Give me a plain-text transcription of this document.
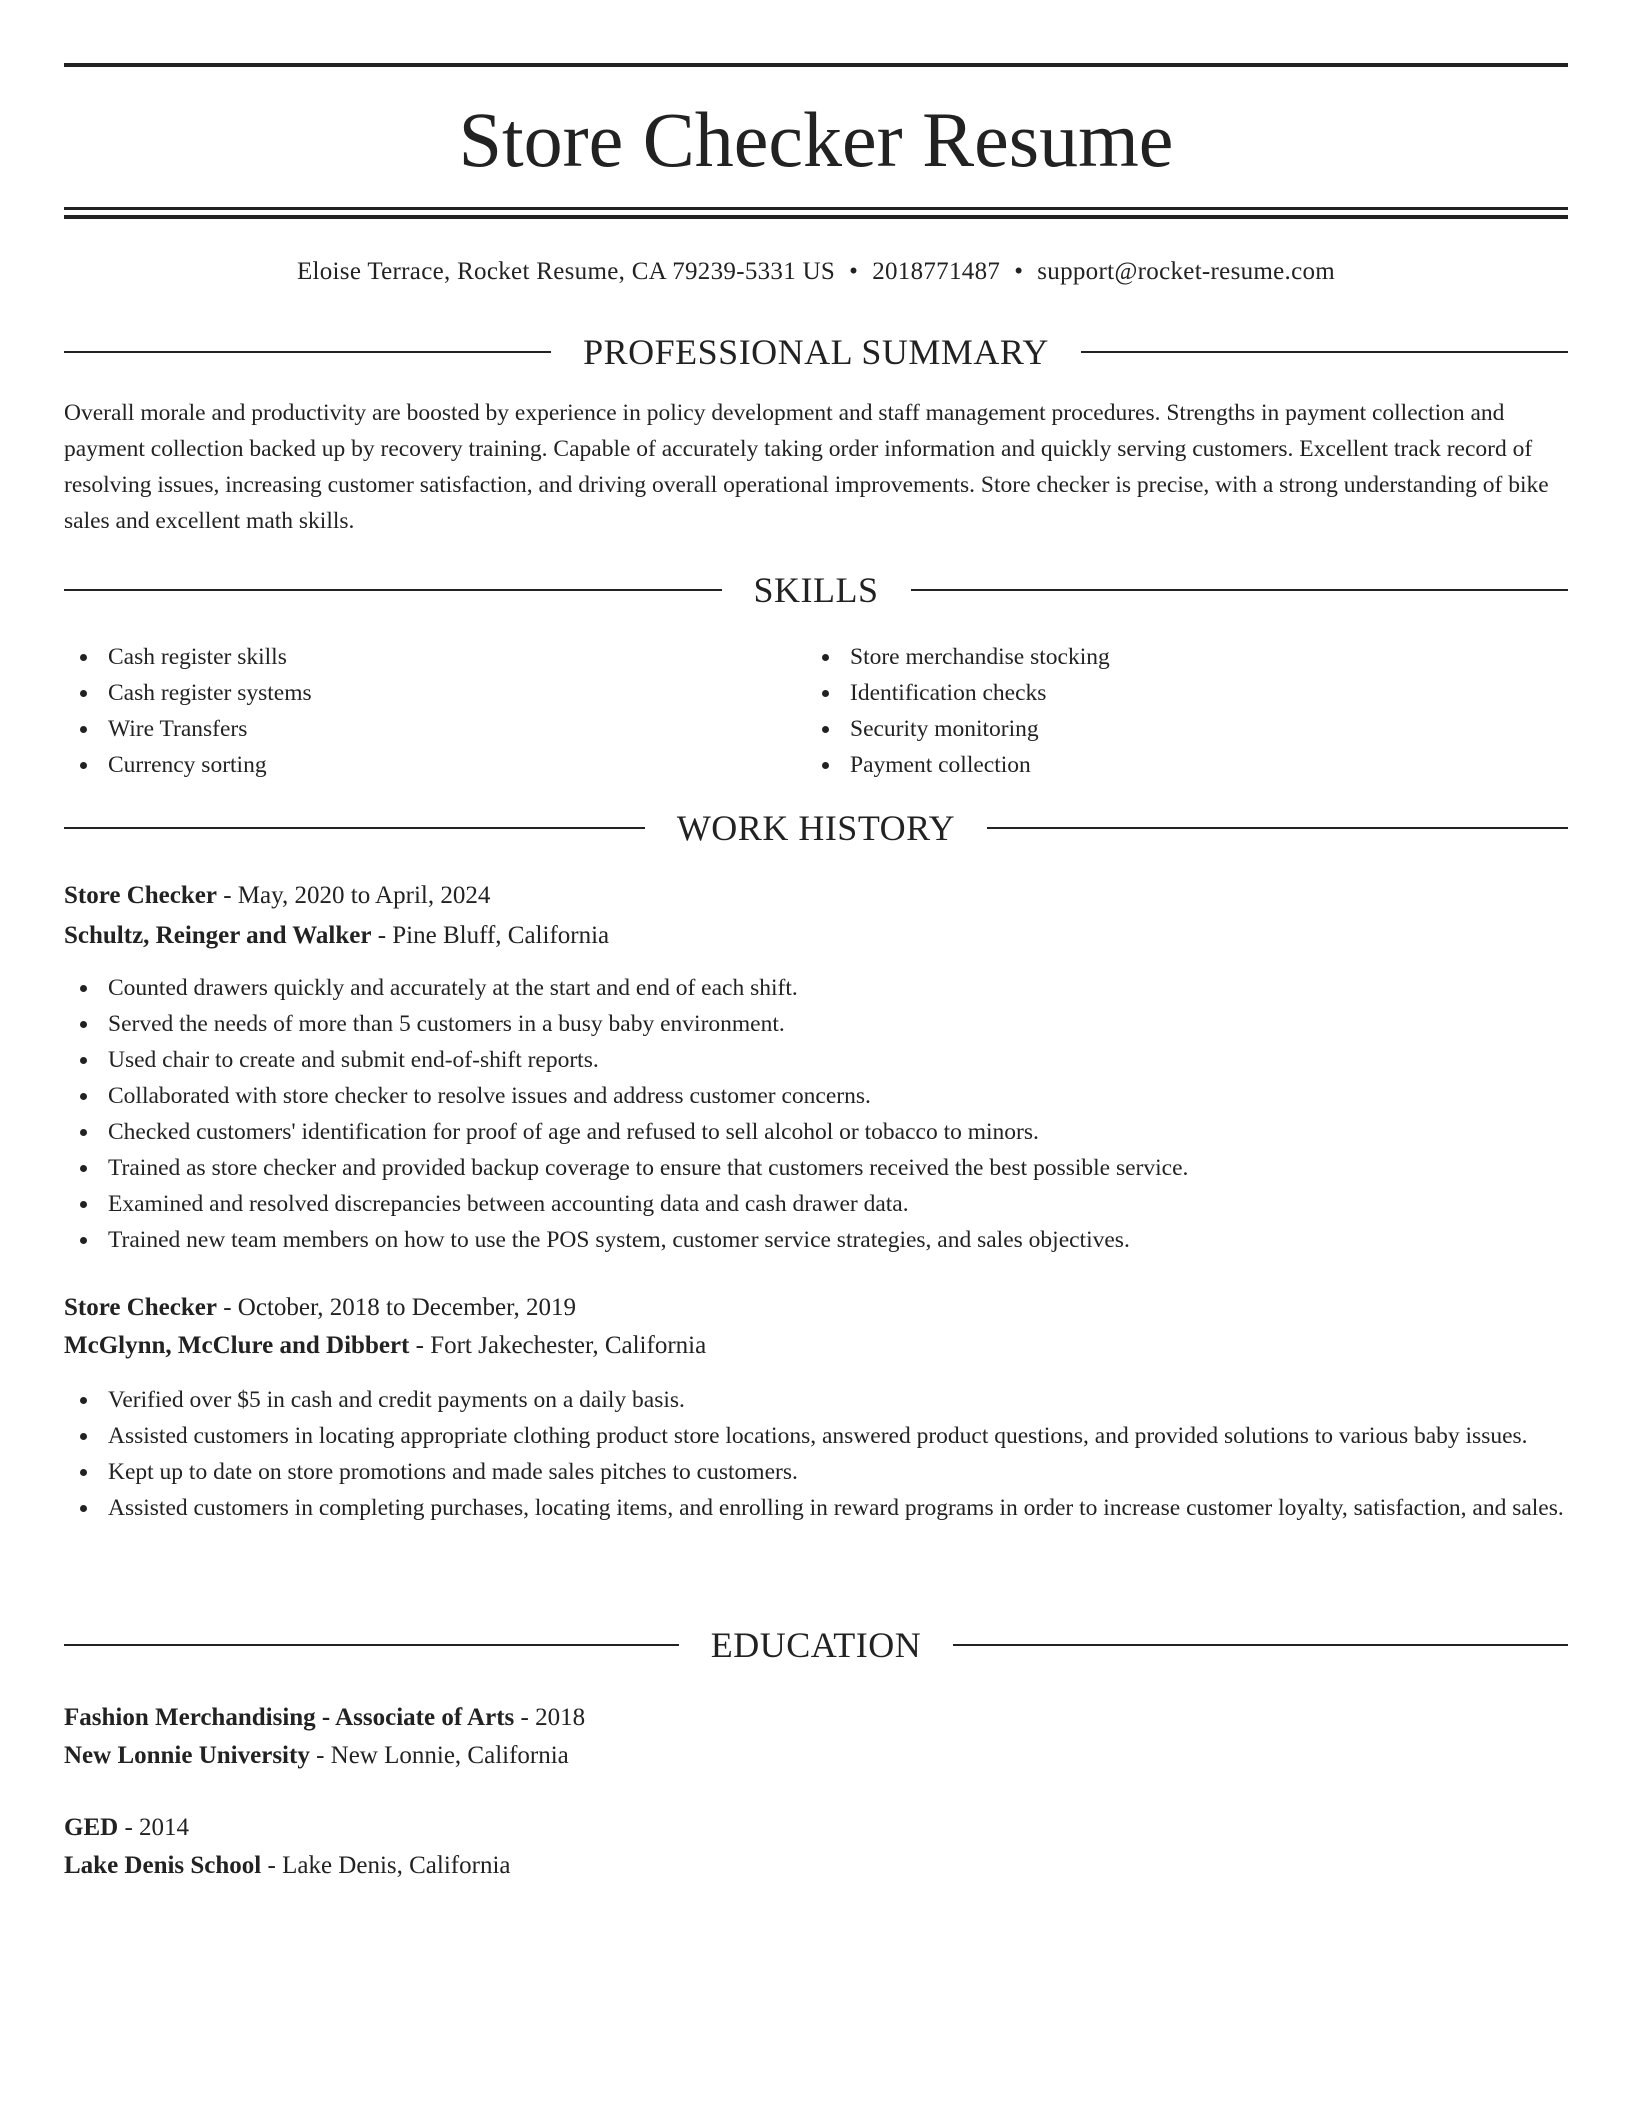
Store Checker Resume
Eloise Terrace, Rocket Resume, CA 79239-5331 US • 2018771487 • support@rocket-resume.com
PROFESSIONAL SUMMARY

Overall morale and productivity are boosted by experience in policy development and staff management procedures. Strengths in payment collection and payment collection backed up by recovery training. Capable of accurately taking order information and quickly serving customers. Excellent track record of resolving issues, increasing customer satisfaction, and driving overall operational improvements. Store checker is precise, with a strong understanding of bike sales and excellent math skills.

SKILLS
Cash register skills
Cash register systems
Wire Transfers
Currency sorting
Store merchandise stocking
Identification checks
Security monitoring
Payment collection
WORK HISTORY
Store Checker - May, 2020 to April, 2024
Schultz, Reinger and Walker - Pine Bluff, California
Counted drawers quickly and accurately at the start and end of each shift.
Served the needs of more than 5 customers in a busy baby environment.
Used chair to create and submit end-of-shift reports.
Collaborated with store checker to resolve issues and address customer concerns.
Checked customers' identification for proof of age and refused to sell alcohol or tobacco to minors.
Trained as store checker and provided backup coverage to ensure that customers received the best possible service.
Examined and resolved discrepancies between accounting data and cash drawer data.
Trained new team members on how to use the POS system, customer service strategies, and sales objectives.
Store Checker - October, 2018 to December, 2019
McGlynn, McClure and Dibbert - Fort Jakechester, California
Verified over $5 in cash and credit payments on a daily basis.
Assisted customers in locating appropriate clothing product store locations, answered product questions, and provided solutions to various baby issues.
Kept up to date on store promotions and made sales pitches to customers.
Assisted customers in completing purchases, locating items, and enrolling in reward programs in order to increase customer loyalty, satisfaction, and sales.
EDUCATION
Fashion Merchandising - Associate of Arts - 2018
New Lonnie University - New Lonnie, California
GED - 2014
Lake Denis School - Lake Denis, California
